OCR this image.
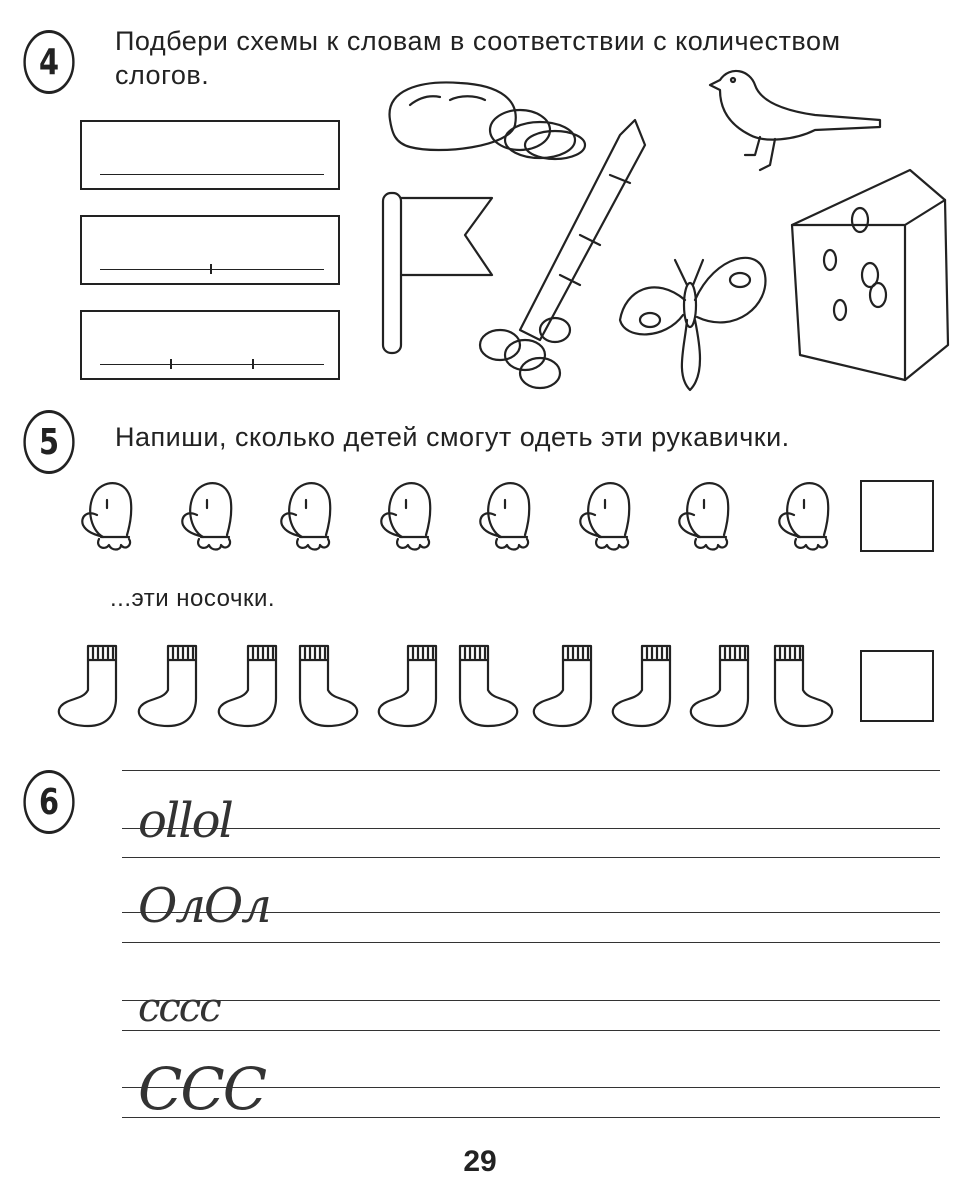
4
Подбери схемы к словам в соответствии с количеством
слогов.
5	Напиши, сколько детей смогут одеть эти рукавички.
...эти носочки.
6	ollol
ОлОл
cccc
CCC
29
